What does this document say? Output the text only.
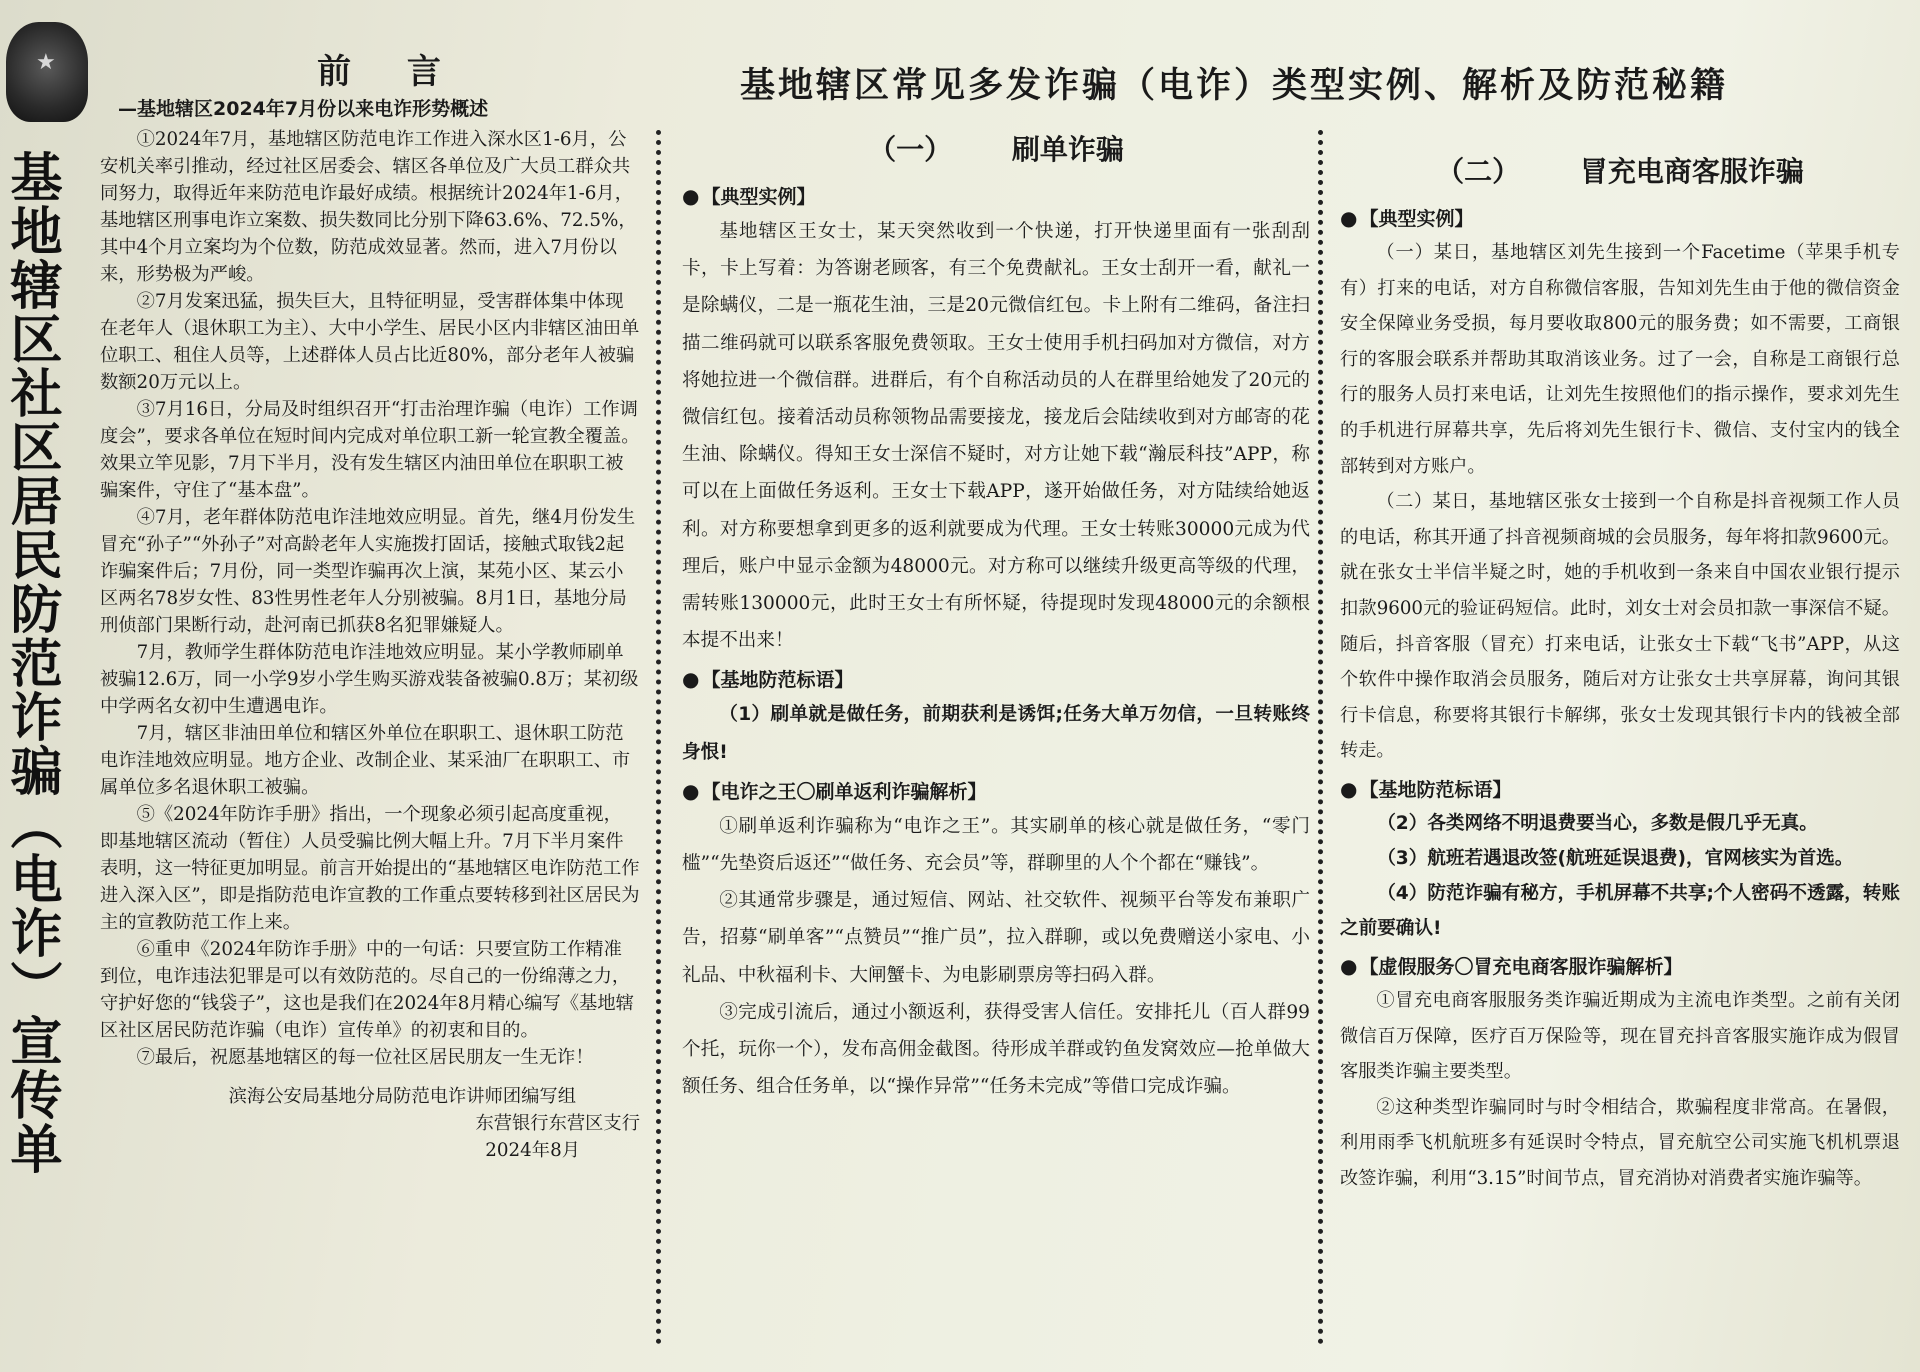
★
基地辖区社区居民防范诈骗（电诈）宣传单
前 言
—基地辖区2024年7月份以来电诈形势概述

①2024年7月，基地辖区防范电诈工作进入深水区1-6月，公安机关率引推动，经过社区居委会、辖区各单位及广大员工群众共同努力，取得近年来防范电诈最好成绩。根据统计2024年1-6月，基地辖区刑事电诈立案数、损失数同比分别下降63.6%、72.5%，其中4个月立案均为个位数，防范成效显著。然而，进入7月份以来，形势极为严峻。

②7月发案迅猛，损失巨大，且特征明显，受害群体集中体现在老年人（退休职工为主）、大中小学生、居民小区内非辖区油田单位职工、租住人员等，上述群体人员占比近80%，部分老年人被骗数额20万元以上。

③7月16日，分局及时组织召开“打击治理诈骗（电诈）工作调度会”，要求各单位在短时间内完成对单位职工新一轮宣教全覆盖。效果立竿见影，7月下半月，没有发生辖区内油田单位在职职工被骗案件，守住了“基本盘”。

④7月，老年群体防范电诈洼地效应明显。首先，继4月份发生冒充“孙子”“外孙子”对高龄老年人实施拨打固话，接触式取钱2起诈骗案件后；7月份，同一类型诈骗再次上演，某苑小区、某云小区两名78岁女性、83性男性老年人分别被骗。8月1日，基地分局刑侦部门果断行动，赴河南已抓获8名犯罪嫌疑人。

7月，教师学生群体防范电诈洼地效应明显。某小学教师刷单被骗12.6万，同一小学9岁小学生购买游戏装备被骗0.8万；某初级中学两名女初中生遭遇电诈。

7月，辖区非油田单位和辖区外单位在职职工、退休职工防范电诈洼地效应明显。地方企业、改制企业、某采油厂在职职工、市属单位多名退休职工被骗。

⑤《2024年防诈手册》指出，一个现象必须引起高度重视，即基地辖区流动（暂住）人员受骗比例大幅上升。7月下半月案件表明，这一特征更加明显。前言开始提出的“基地辖区电诈防范工作进入深入区”，即是指防范电诈宣教的工作重点要转移到社区居民为主的宣教防范工作上来。

⑥重申《2024年防诈手册》中的一句话：只要宣防工作精准到位，电诈违法犯罪是可以有效防范的。尽自己的一份绵薄之力，守护好您的“钱袋子”，这也是我们在2024年8月精心编写《基地辖区社区居民防范诈骗（电诈）宣传单》的初衷和目的。

⑦最后，祝愿基地辖区的每一位社区居民朋友一生无诈！

滨海公安局基地分局防范电诈讲师团编写组
东营银行东营区支行
2024年8月
基地辖区常见多发诈骗（电诈）类型实例、解析及防范秘籍
（一） 刷单诈骗
● 【典型实例】

基地辖区王女士，某天突然收到一个快递，打开快递里面有一张刮刮卡，卡上写着：为答谢老顾客，有三个免费献礼。王女士刮开一看，献礼一是除螨仪，二是一瓶花生油，三是20元微信红包。卡上附有二维码，备注扫描二维码就可以联系客服免费领取。王女士使用手机扫码加对方微信，对方将她拉进一个微信群。进群后，有个自称活动员的人在群里给她发了20元的微信红包。接着活动员称领物品需要接龙，接龙后会陆续收到对方邮寄的花生油、除螨仪。得知王女士深信不疑时，对方让她下载“瀚辰科技”APP，称可以在上面做任务返利。王女士下载APP，遂开始做任务，对方陆续给她返利。对方称要想拿到更多的返利就要成为代理。王女士转账30000元成为代理后，账户中显示金额为48000元。对方称可以继续升级更高等级的代理，需转账130000元，此时王女士有所怀疑，待提现时发现48000元的余额根本提不出来！

● 【基地防范标语】

（1）刷单就是做任务，前期获利是诱饵;任务大单万勿信，一旦转账终身恨!

● 【电诈之王〇刷单返利诈骗解析】

①刷单返利诈骗称为“电诈之王”。其实刷单的核心就是做任务，“零门槛”“先垫资后返还”“做任务、充会员”等，群聊里的人个个都在“赚钱”。

②其通常步骤是，通过短信、网站、社交软件、视频平台等发布兼职广告，招募“刷单客”“点赞员”“推广员”，拉入群聊，或以免费赠送小家电、小礼品、中秋福利卡、大闸蟹卡、为电影刷票房等扫码入群。

③完成引流后，通过小额返利，获得受害人信任。安排托儿（百人群99个托，玩你一个），发布高佣金截图。待形成羊群或钓鱼发窝效应—抢单做大额任务、组合任务单，以“操作异常”“任务未完成”等借口完成诈骗。

（二） 冒充电商客服诈骗
● 【典型实例】

（一）某日，基地辖区刘先生接到一个Facetime（苹果手机专有）打来的电话，对方自称微信客服，告知刘先生由于他的微信资金安全保障业务受损，每月要收取800元的服务费；如不需要，工商银行的客服会联系并帮助其取消该业务。过了一会，自称是工商银行总行的服务人员打来电话，让刘先生按照他们的指示操作，要求刘先生的手机进行屏幕共享，先后将刘先生银行卡、微信、支付宝内的钱全部转到对方账户。

（二）某日，基地辖区张女士接到一个自称是抖音视频工作人员的电话，称其开通了抖音视频商城的会员服务，每年将扣款9600元。就在张女士半信半疑之时，她的手机收到一条来自中国农业银行提示扣款9600元的验证码短信。此时，刘女士对会员扣款一事深信不疑。随后，抖音客服（冒充）打来电话，让张女士下载“飞书”APP，从这个软件中操作取消会员服务，随后对方让张女士共享屏幕，询问其银行卡信息，称要将其银行卡解绑，张女士发现其银行卡内的钱被全部转走。

● 【基地防范标语】

（2）各类网络不明退费要当心，多数是假几乎无真。

（3）航班若遇退改签(航班延误退费)，官网核实为首选。

（4）防范诈骗有秘方，手机屏幕不共享;个人密码不透露，转账之前要确认!

● 【虚假服务〇冒充电商客服诈骗解析】

①冒充电商客服服务类诈骗近期成为主流电诈类型。之前有关闭微信百万保障，医疗百万保险等，现在冒充抖音客服实施诈成为假冒客服类诈骗主要类型。

②这种类型诈骗同时与时令相结合，欺骗程度非常高。在暑假，利用雨季飞机航班多有延误时令特点，冒充航空公司实施飞机机票退改签诈骗，利用“3.15”时间节点，冒充消协对消费者实施诈骗等。
